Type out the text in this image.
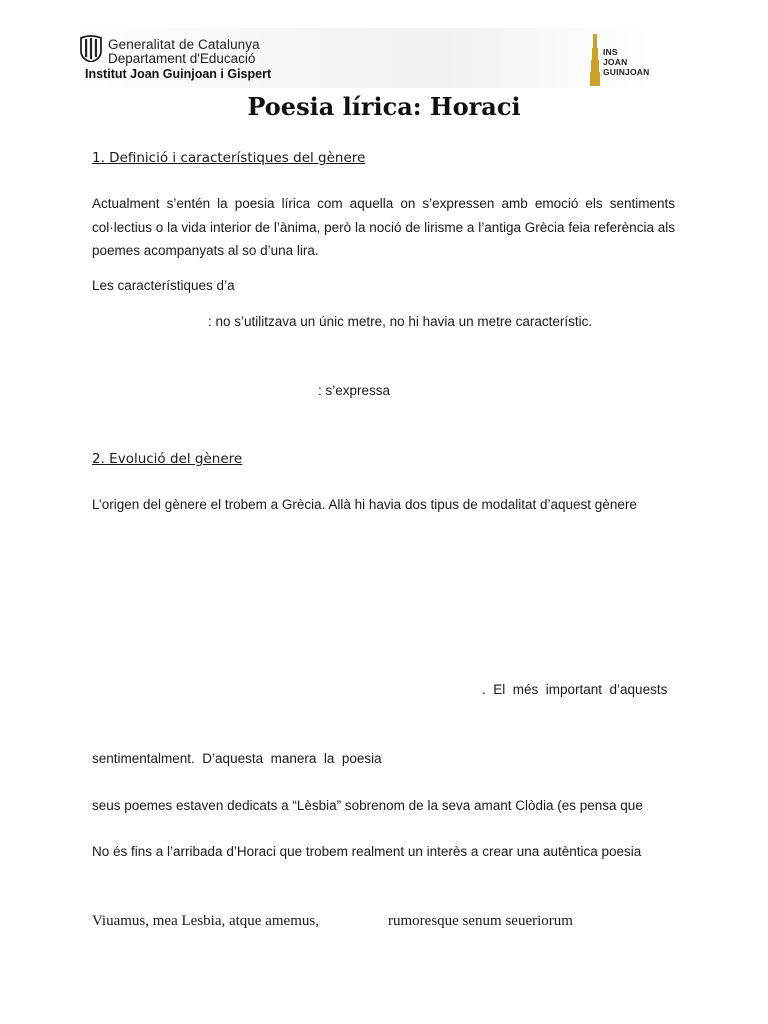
Generalitat de Catalunya
Departament d'Educació
Institut Joan Guinjoan i Gispert
INS
JOAN
GUINJOAN
Poesia lírica: Horaci
1. Definició i característiques del gènere
Actualment s’entén la poesia lírica com aquella on s’expressen amb emoció els sentiments col·lectius o la vida interior de l’ànima, però la noció de lirisme a l’antiga Grècia feia referència als poemes acompanyats al so d’una lira.
Les característiques d’a
: no s’utilitzava un únic metre, no hi havia un metre característic.
: s’expressa
2. Evolució del gènere
L’origen del gènere el trobem a Grècia. Allà hi havia dos tipus de modalitat d’aquest gènere
.  El  més  important  d’aquests
sentimentalment.  D’aquesta  manera  la  poesia
seus poemes estaven dedicats a “Lèsbia” sobrenom de la seva amant Clòdia (es pensa que
No és fins a l’arribada d’Horaci que trobem realment un interès a crear una autèntica poesia
Viuamus, mea Lesbia, atque amemus,	rumoresque senum seueriorum
